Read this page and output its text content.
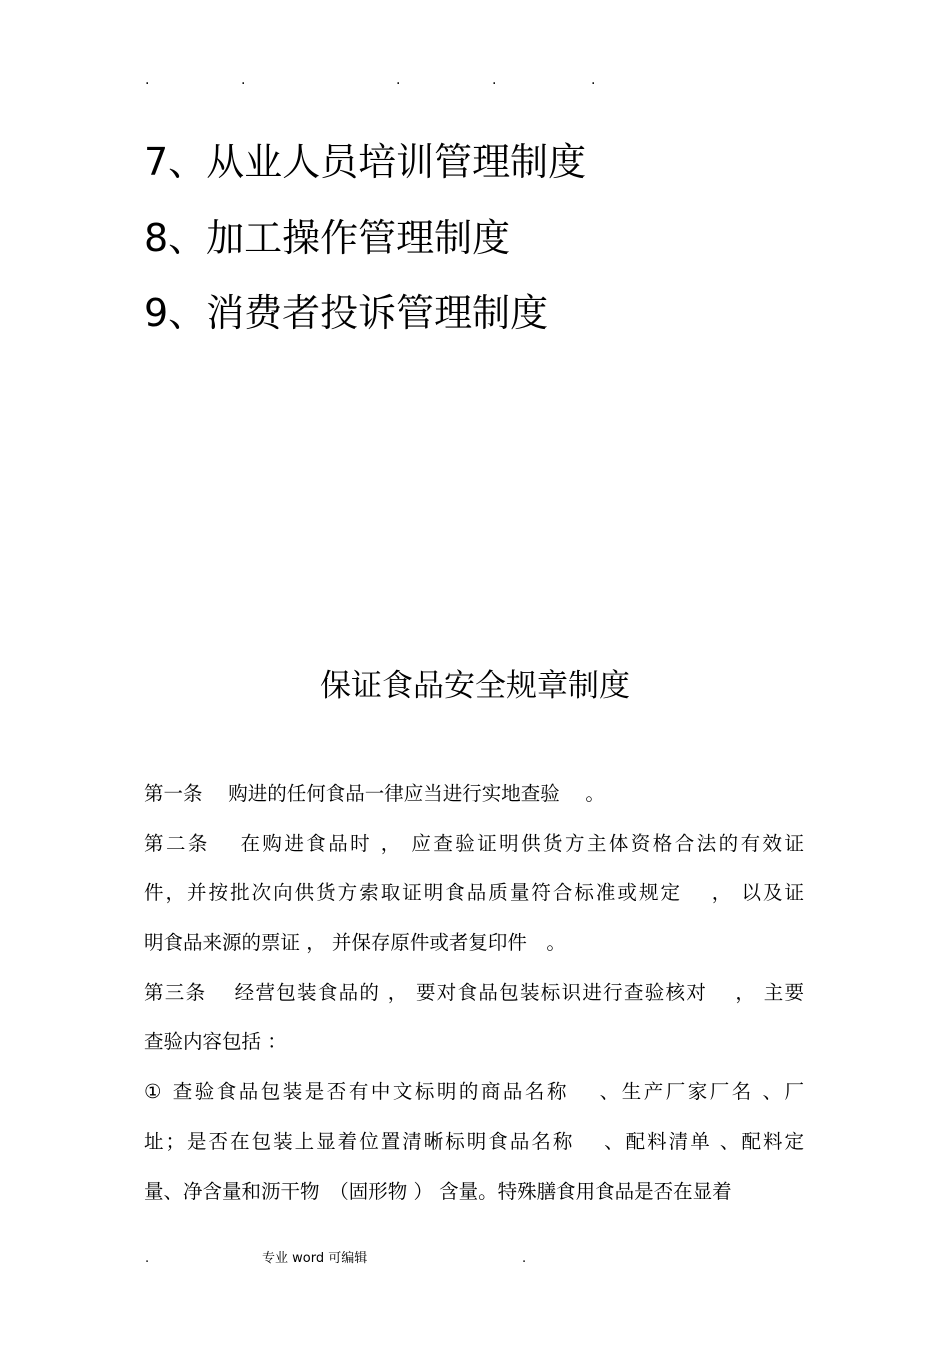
.	.	.	.	.
7、从业人员培训管理制度
8、加工操作管理制度
9、消费者投诉管理制度
保证食品安全规章制度
第一条　 购进的任何食品一律应当进行实地查验　 。
第二条　 在购进食品时 ， 应查验证明供货方主体资格合法的有效证
件，并按批次向供货方索取证明食品质量符合标准或规定　 ， 以及证
明食品来源的票证 ， 并保存原件或者复印件　。
第三条　 经营包装食品的 ， 要对食品包装标识进行查验核对　 ， 主要
查验内容包括 ：
① 查验食品包装是否有中文标明的商品名称　 、生产厂家厂名 、厂
址；是否在包装上显着位置清晰标明食品名称　 、配料清单 、配料定
量、净含量和沥干物　（固形物 ） 含量。特殊膳食用食品是否在显着
.	专业 word 可编辑	.
